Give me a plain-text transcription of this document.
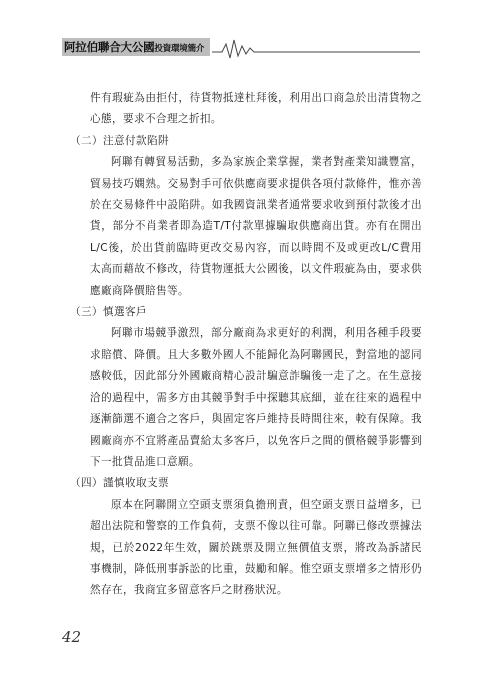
阿拉伯聯合大公國投資環境簡介

件有瑕疵為由拒付，待貨物抵達杜拜後，利用出口商急於出清貨物之心態，要求不合理之折扣。

（二）注意付款陷阱

阿聯有轉貿易活動，多為家族企業掌握，業者對產業知識豐富，貿易技巧嫻熟。交易對手可依供應商要求提供各項付款條件，惟亦善於在交易條件中設陷阱。如我國資訊業者通常要求收到預付款後才出貨，部分不肖業者即為造T/T付款單據騙取供應商出貨。亦有在開出L/C後，於出貨前臨時更改交易內容，而以時間不及或更改L/C費用太高而藉故不修改，待貨物運抵大公國後，以文件瑕疵為由，要求供應廠商降價賠售等。

（三）慎選客戶

阿聯市場競爭激烈，部分廠商為求更好的利潤，利用各種手段要求賠償、降價。且大多數外國人不能歸化為阿聯國民，對當地的認同感較低，因此部分外國廠商精心設計騙意詐騙後一走了之。在生意接洽的過程中，需多方由其競爭對手中探聽其底細，並在往來的過程中逐漸篩選不適合之客戶，與固定客戶維持長時間往來，較有保障。我國廠商亦不宜將產品賣給太多客戶，以免客戶之間的價格競爭影響到下一批貨品進口意願。

（四）謹慎收取支票

原本在阿聯開立空頭支票須負擔刑責，但空頭支票日益增多，已超出法院和警察的工作負荷，支票不像以往可靠。阿聯已修改票據法規，已於2022年生效，關於跳票及開立無價值支票，將改為訴諸民事機制，降低刑事訴訟的比重，鼓勵和解。惟空頭支票增多之情形仍然存在，我商宜多留意客戶之財務狀況。

42
